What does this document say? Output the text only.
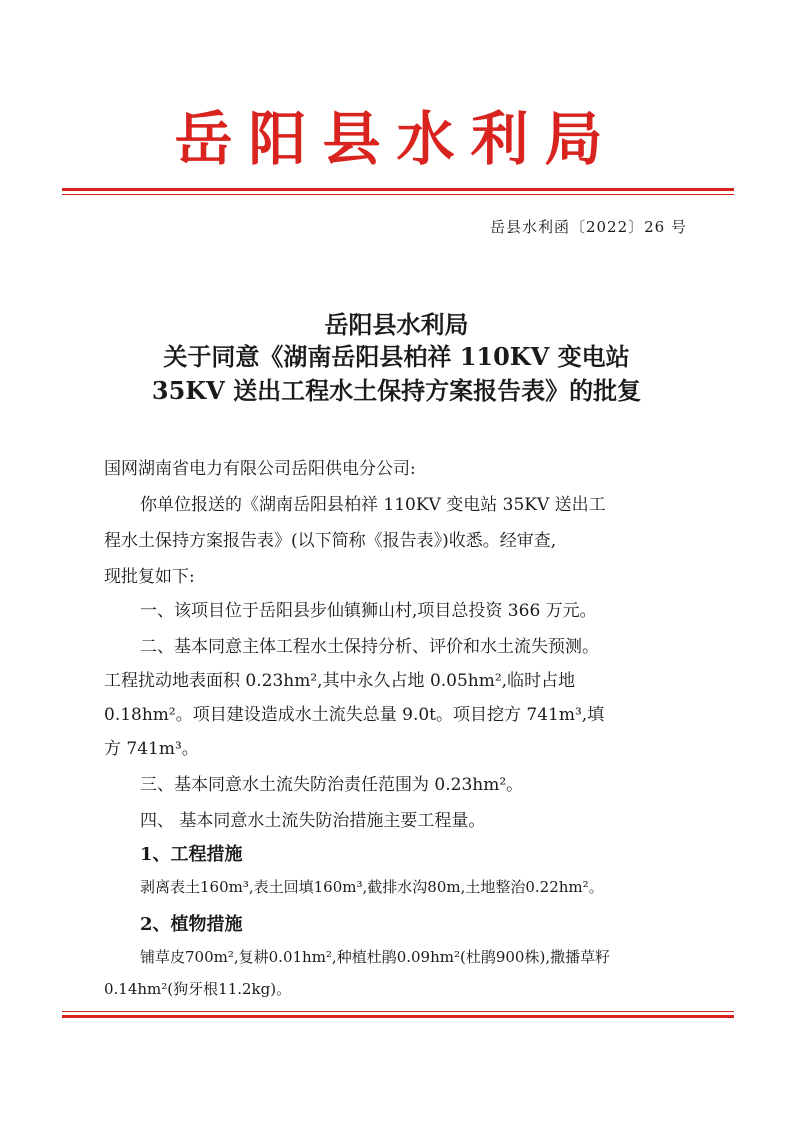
岳阳县水利局
岳县水利函〔2022〕26 号
岳阳县水利局
关于同意《湖南岳阳县柏祥 110KV 变电站
35KV 送出工程水土保持方案报告表》的批复
国网湖南省电力有限公司岳阳供电分公司:
你单位报送的《湖南岳阳县柏祥 110KV 变电站 35KV 送出工
程水土保持方案报告表》(以下简称《报告表》)收悉。经审查,
现批复如下:
一、该项目位于岳阳县步仙镇狮山村,项目总投资 366 万元。
二、基本同意主体工程水土保持分析、评价和水土流失预测。
工程扰动地表面积 0.23hm²,其中永久占地 0.05hm²,临时占地
0.18hm²。项目建设造成水土流失总量 9.0t。项目挖方 741m³,填
方 741m³。
三、基本同意水土流失防治责任范围为 0.23hm²。
四、 基本同意水土流失防治措施主要工程量。
1、工程措施
剥离表土160m³,表土回填160m³,截排水沟80m,土地整治0.22hm²。
2、植物措施
铺草皮700m²,复耕0.01hm²,种植杜鹃0.09hm²(杜鹃900株),撒播草籽
0.14hm²(狗牙根11.2kg)。
